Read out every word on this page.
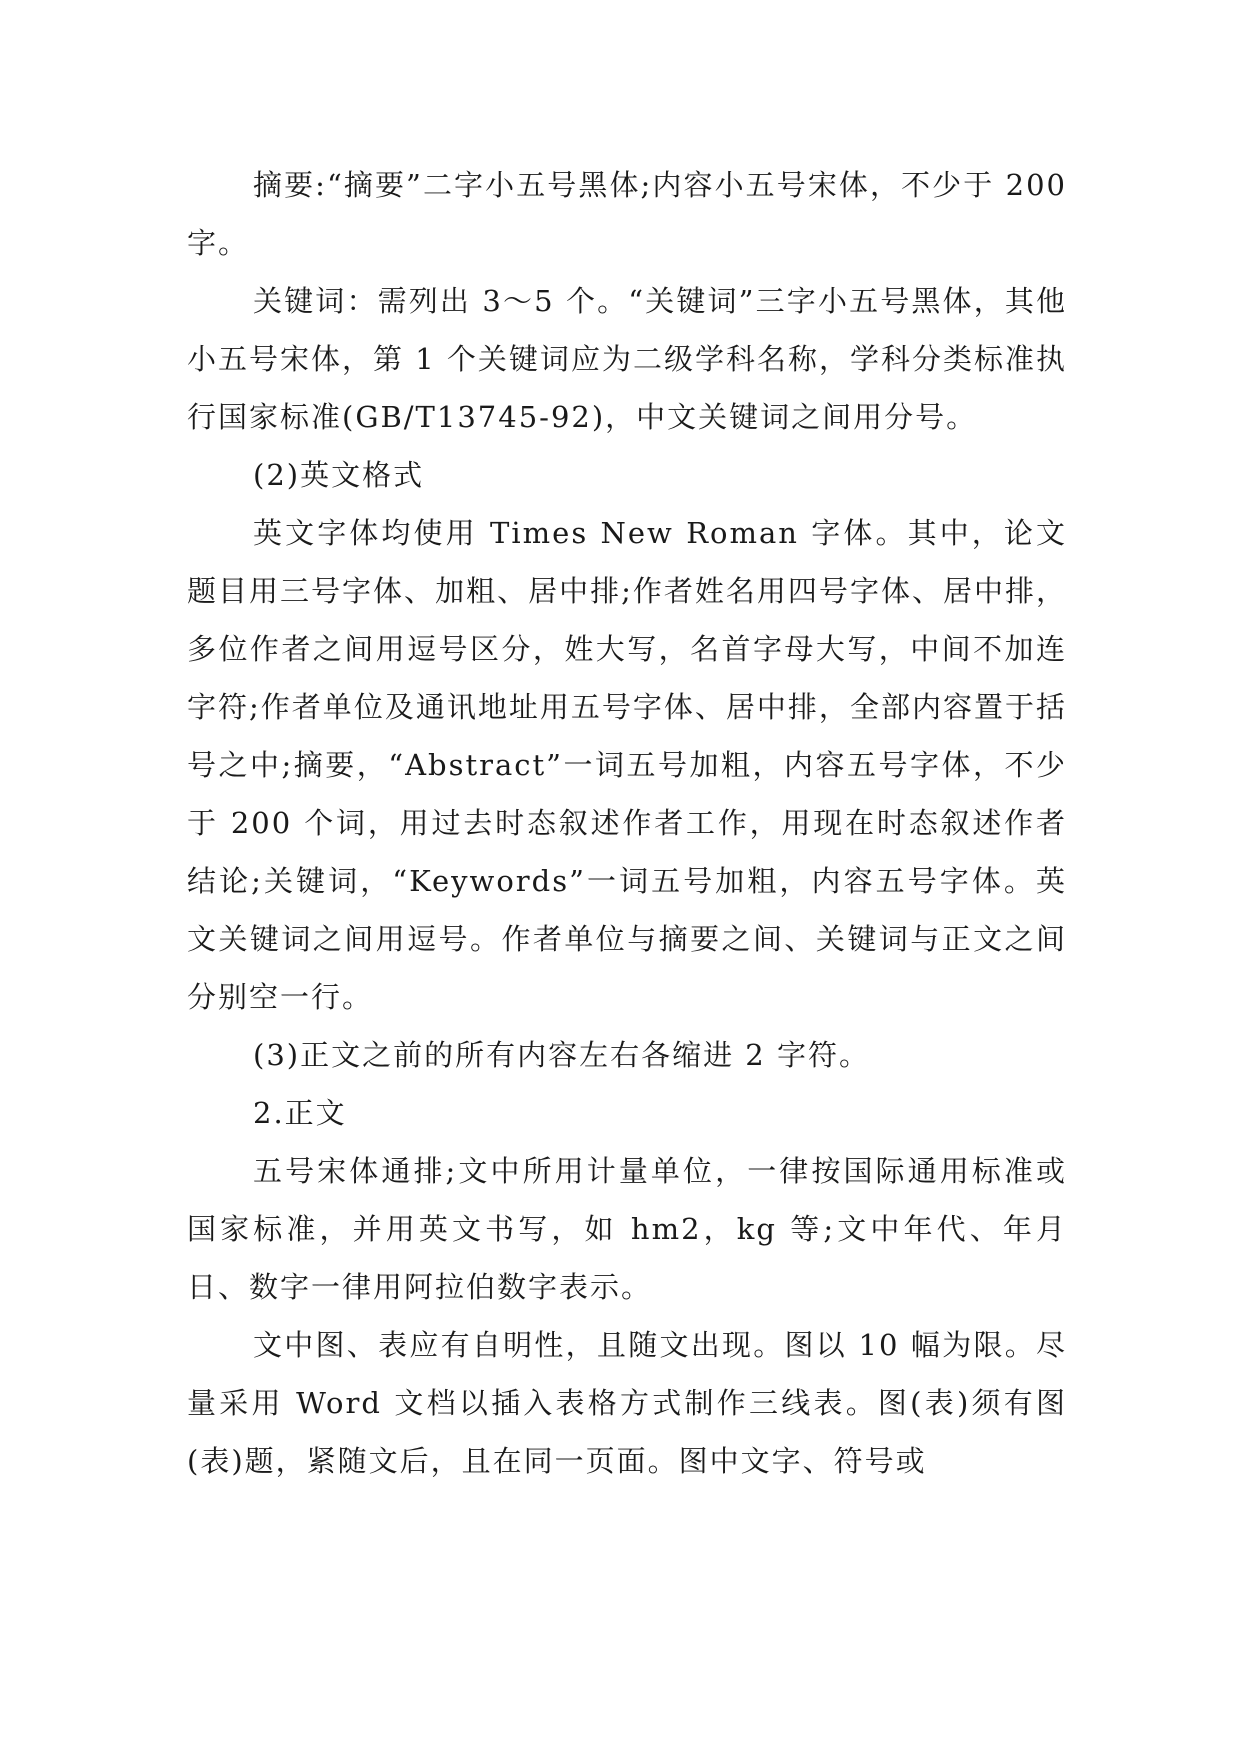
摘要:“摘要”二字小五号黑体;内容小五号宋体，不少于 200 字。

关键词：需列出 3～5 个。“关键词”三字小五号黑体，其他小五号宋体，第 1 个关键词应为二级学科名称，学科分类标准执行国家标准(GB/T13745-92)，中文关键词之间用分号。

(2)英文格式

英文字体均使用 Times New Roman 字体。其中，论文题目用三号字体、加粗、居中排;作者姓名用四号字体、居中排，多位作者之间用逗号区分，姓大写，名首字母大写，中间不加连字符;作者单位及通讯地址用五号字体、居中排，全部内容置于括号之中;摘要，“Abstract”一词五号加粗，内容五号字体，不少于 200 个词，用过去时态叙述作者工作，用现在时态叙述作者结论;关键词，“Keywords”一词五号加粗，内容五号字体。英文关键词之间用逗号。作者单位与摘要之间、关键词与正文之间分别空一行。

(3)正文之前的所有内容左右各缩进 2 字符。

2.正文

五号宋体通排;文中所用计量单位，一律按国际通用标准或国家标准，并用英文书写，如 hm2，kg 等;文中年代、年月日、数字一律用阿拉伯数字表示。

文中图、表应有自明性，且随文出现。图以 10 幅为限。尽量采用 Word 文档以插入表格方式制作三线表。图(表)须有图(表)题，紧随文后，且在同一页面。图中文字、符号或
